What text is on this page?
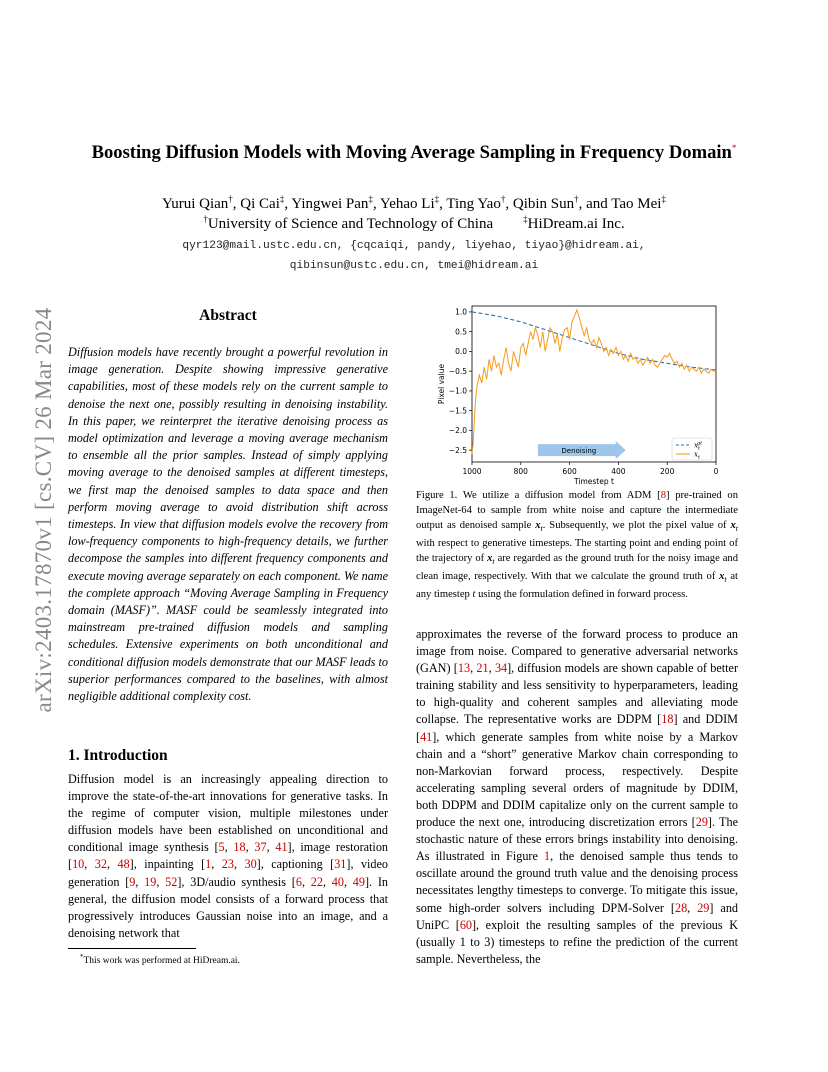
arXiv:2403.17870v1 [cs.CV] 26 Mar 2024
Boosting Diffusion Models with Moving Average Sampling in Frequency Domain*
Yurui Qian†, Qi Cai‡, Yingwei Pan‡, Yehao Li‡, Ting Yao†, Qibin Sun†, and Tao Mei‡
†University of Science and Technology of China  	‡HiDream.ai Inc.
qyr123@mail.ustc.edu.cn, {cqcaiqi, pandy, liyehao, tiyao}@hidream.ai,
qibinsun@ustc.edu.cn, tmei@hidream.ai
Abstract
Diffusion models have recently brought a powerful revolution in image generation. Despite showing impressive generative capabilities, most of these models rely on the current sample to denoise the next one, possibly resulting in denoising instability. In this paper, we reinterpret the iterative denoising process as model optimization and leverage a moving average mechanism to ensemble all the prior samples. Instead of simply applying moving average to the denoised samples at different timesteps, we first map the denoised samples to data space and then perform moving average to avoid distribution shift across timesteps. In view that diffusion models evolve the recovery from low-frequency components to high-frequency details, we further decompose the samples into different frequency components and execute moving average separately on each component. We name the complete approach “Moving Average Sampling in Frequency domain (MASF)”. MASF could be seamlessly integrated into mainstream pre-trained diffusion models and sampling schedules. Extensive experiments on both unconditional and conditional diffusion models demonstrate that our MASF leads to superior performances compared to the baselines, with almost negligible additional complexity cost.
1. Introduction
Diffusion model is an increasingly appealing direction to improve the state-of-the-art innovations for generative tasks. In the regime of computer vision, multiple milestones under diffusion models have been established on unconditional and conditional image synthesis [5, 18, 37, 41], image restoration [10, 32, 48], inpainting [1, 23, 30], captioning [31], video generation [9, 19, 52], 3D/audio synthesis [6, 22, 40, 49]. In general, the diffusion model consists of a forward process that progressively introduces Gaussian noise into an image, and a denoising network that
approximates the reverse of the forward process to produce an image from noise. Compared to generative adversarial networks (GAN) [13, 21, 34], diffusion models are shown capable of better training stability and less sensitivity to hyperparameters, leading to high-quality and coherent samples and alleviating mode collapse. The representative works are DDPM [18] and DDIM [41], which generate samples from white noise by a Markov chain and a “short” generative Markov chain corresponding to non-Markovian forward process, respectively. Despite accelerating sampling several orders of magnitude by DDIM, both DDPM and DDIM capitalize only on the current sample to produce the next one, introducing discretization errors [29]. The stochastic nature of these errors brings instability into denoising. As illustrated in Figure 1, the denoised sample thus tends to oscillate around the ground truth value and the denoising process necessitates lengthy timesteps to converge. To mitigate this issue, some high-order solvers including DPM-Solver [28, 29] and UniPC [60], exploit the resulting samples of the previous K (usually 1 to 3) timesteps to refine the prediction of the current sample. Nevertheless, the
*This work was performed at HiDream.ai.
1000	800	600	400	200	0
1.0
0.5
0.0
−0.5
−1.0
−1.5
−2.0
−2.5
Timestep t
Pixel value
Denoising
$x_tgt$
$x_t$
Figure 1. We utilize a diffusion model from ADM [8] pre-trained on ImageNet-64 to sample from white noise and capture the intermediate output as denoised sample $x_t$. Subsequently, we plot the pixel value of $x_t$ with respect to generative timesteps. The starting point and ending point of the trajectory of $x_t$ are regarded as the ground truth for the noisy image and clean image, respectively. With that we calculate the ground truth of $x_t$ at any timestep t using the formulation defined in forward process.
